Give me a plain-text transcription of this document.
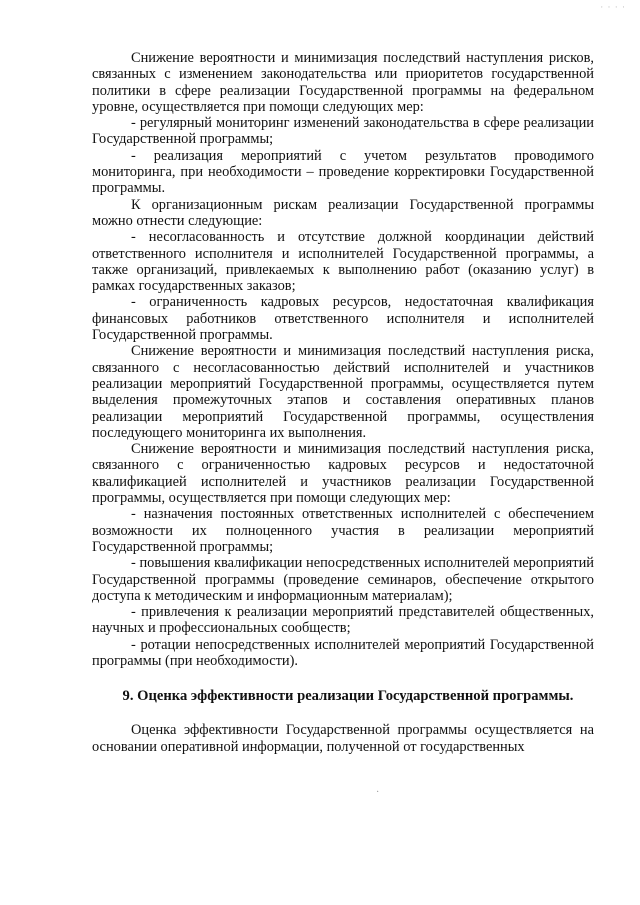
· · · ·

Снижение вероятности и минимизация последствий наступления рисков, связанных с изменением законодательства или приоритетов государственной политики в сфере реализации Государственной программы на федеральном уровне, осуществляется при помощи следующих мер:

- регулярный мониторинг изменений законодательства в сфере реализации Государственной программы;

- реализация мероприятий с учетом результатов проводимого мониторинга, при необходимости – проведение корректировки Государственной программы.

К организационным рискам реализации Государственной программы можно отнести следующие:

- несогласованность и отсутствие должной координации действий ответственного исполнителя и исполнителей Государственной программы, а также организаций, привлекаемых к выполнению работ (оказанию услуг) в рамках государственных заказов;

- ограниченность кадровых ресурсов, недостаточная квалификация финансовых работников ответственного исполнителя и исполнителей Государственной программы.

Снижение вероятности и минимизация последствий наступления риска, связанного с несогласованностью действий исполнителей и участников реализации мероприятий Государственной программы, осуществляется путем выделения промежуточных этапов и составления оперативных планов реализации мероприятий Государственной программы, осуществления последующего мониторинга их выполнения.

Снижение вероятности и минимизация последствий наступления риска, связанного с ограниченностью кадровых ресурсов и недостаточной квалификацией исполнителей и участников реализации Государственной программы, осуществляется при помощи следующих мер:

- назначения постоянных ответственных исполнителей с обеспечением возможности их полноценного участия в реализации мероприятий Государственной программы;

- повышения квалификации непосредственных исполнителей мероприятий Государственной программы (проведение семинаров, обеспечение открытого доступа к методическим и информационным материалам);

- привлечения к реализации мероприятий представителей общественных, научных и профессиональных сообществ;

- ротации непосредственных исполнителей мероприятий Государственной программы (при необходимости).

9. Оценка эффективности реализации Государственной программы.

Оценка эффективности Государственной программы осуществляется на основании оперативной информации, полученной от государственных

·
